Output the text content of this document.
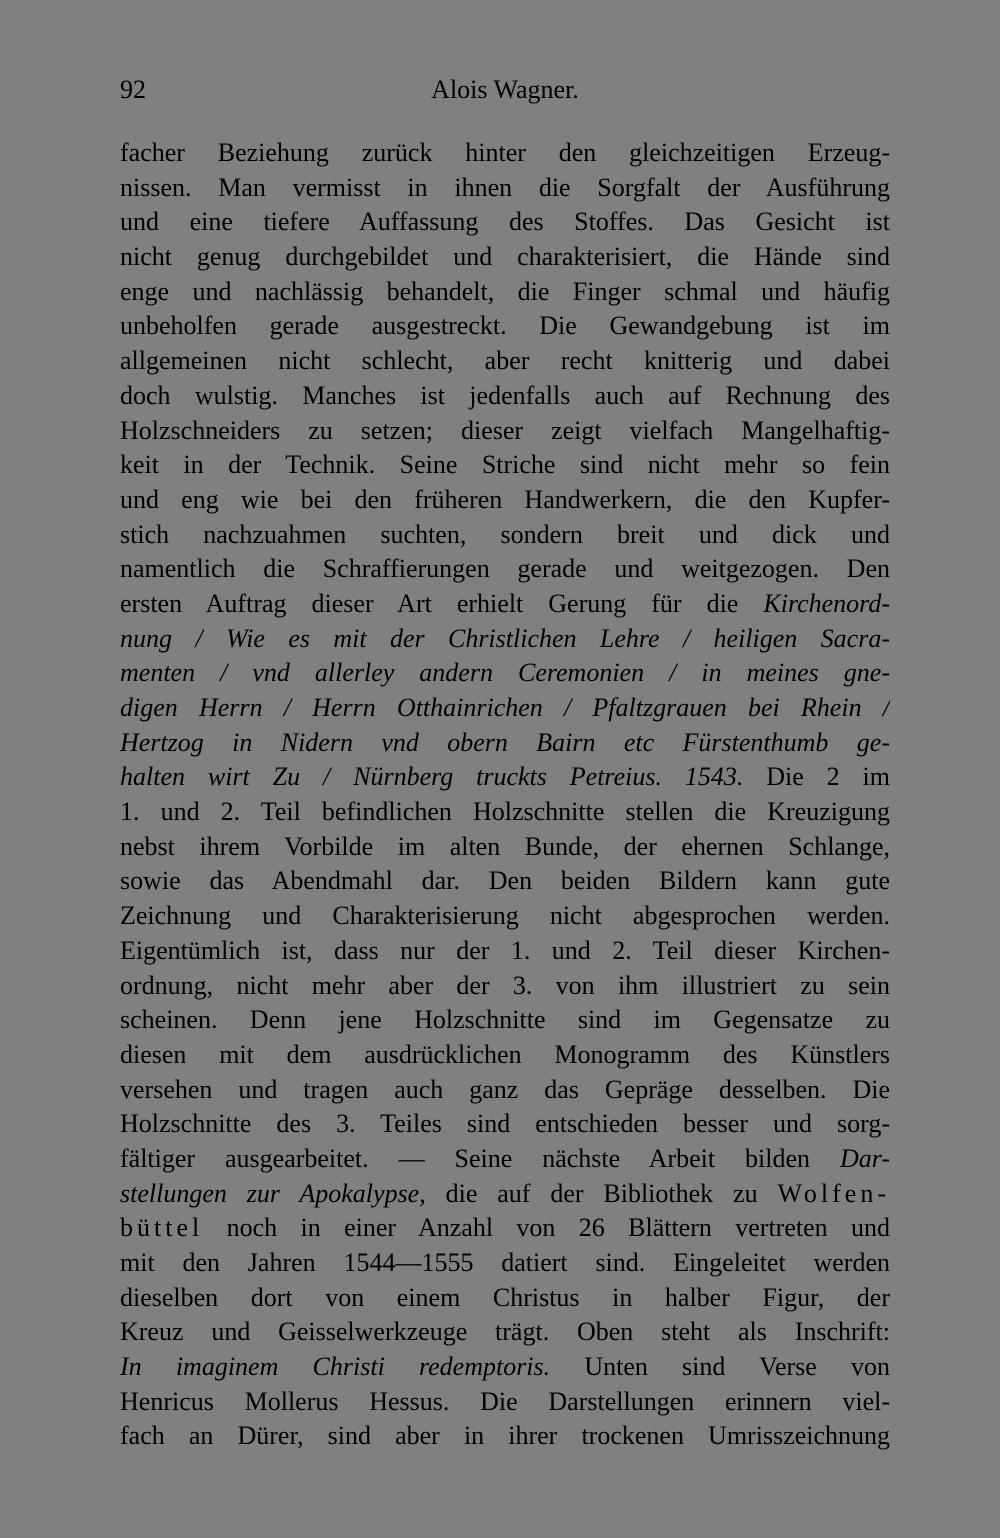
92	Alois Wagner.
facher Beziehung zurück hinter den gleichzeitigen Erzeug-
nissen. Man vermisst in ihnen die Sorgfalt der Ausführung
und eine tiefere Auffassung des Stoffes. Das Gesicht ist
nicht genug durchgebildet und charakterisiert, die Hände sind
enge und nachlässig behandelt, die Finger schmal und häufig
unbeholfen gerade ausgestreckt. Die Gewandgebung ist im
allgemeinen nicht schlecht, aber recht knitterig und dabei
doch wulstig. Manches ist jedenfalls auch auf Rechnung des
Holzschneiders zu setzen; dieser zeigt vielfach Mangelhaftig-
keit in der Technik. Seine Striche sind nicht mehr so fein
und eng wie bei den früheren Handwerkern, die den Kupfer-
stich nachzuahmen suchten, sondern breit und dick und
namentlich die Schraffierungen gerade und weitgezogen. Den
ersten Auftrag dieser Art erhielt Gerung für die Kirchenord-
nung / Wie es mit der Christlichen Lehre / heiligen Sacra-
menten / vnd allerley andern Ceremonien / in meines gne-
digen Herrn / Herrn Otthainrichen / Pfaltzgrauen bei Rhein /
Hertzog in Nidern vnd obern Bairn etc Fürstenthumb ge-
halten wirt Zu / Nürnberg truckts Petreius. 1543. Die 2 im
1. und 2. Teil befindlichen Holzschnitte stellen die Kreuzigung
nebst ihrem Vorbilde im alten Bunde, der ehernen Schlange,
sowie das Abendmahl dar. Den beiden Bildern kann gute
Zeichnung und Charakterisierung nicht abgesprochen werden.
Eigentümlich ist, dass nur der 1. und 2. Teil dieser Kirchen-
ordnung, nicht mehr aber der 3. von ihm illustriert zu sein
scheinen. Denn jene Holzschnitte sind im Gegensatze zu
diesen mit dem ausdrücklichen Monogramm des Künstlers
versehen und tragen auch ganz das Gepräge desselben. Die
Holzschnitte des 3. Teiles sind entschieden besser und sorg-
fältiger ausgearbeitet. — Seine nächste Arbeit bilden Dar-
stellungen zur Apokalypse, die auf der Bibliothek zu Wolfen-
büttel noch in einer Anzahl von 26 Blättern vertreten und
mit den Jahren 1544—1555 datiert sind. Eingeleitet werden
dieselben dort von einem Christus in halber Figur, der
Kreuz und Geisselwerkzeuge trägt. Oben steht als Inschrift:
In imaginem Christi redemptoris. Unten sind Verse von
Henricus Mollerus Hessus. Die Darstellungen erinnern viel-
fach an Dürer, sind aber in ihrer trockenen Umrisszeichnung
